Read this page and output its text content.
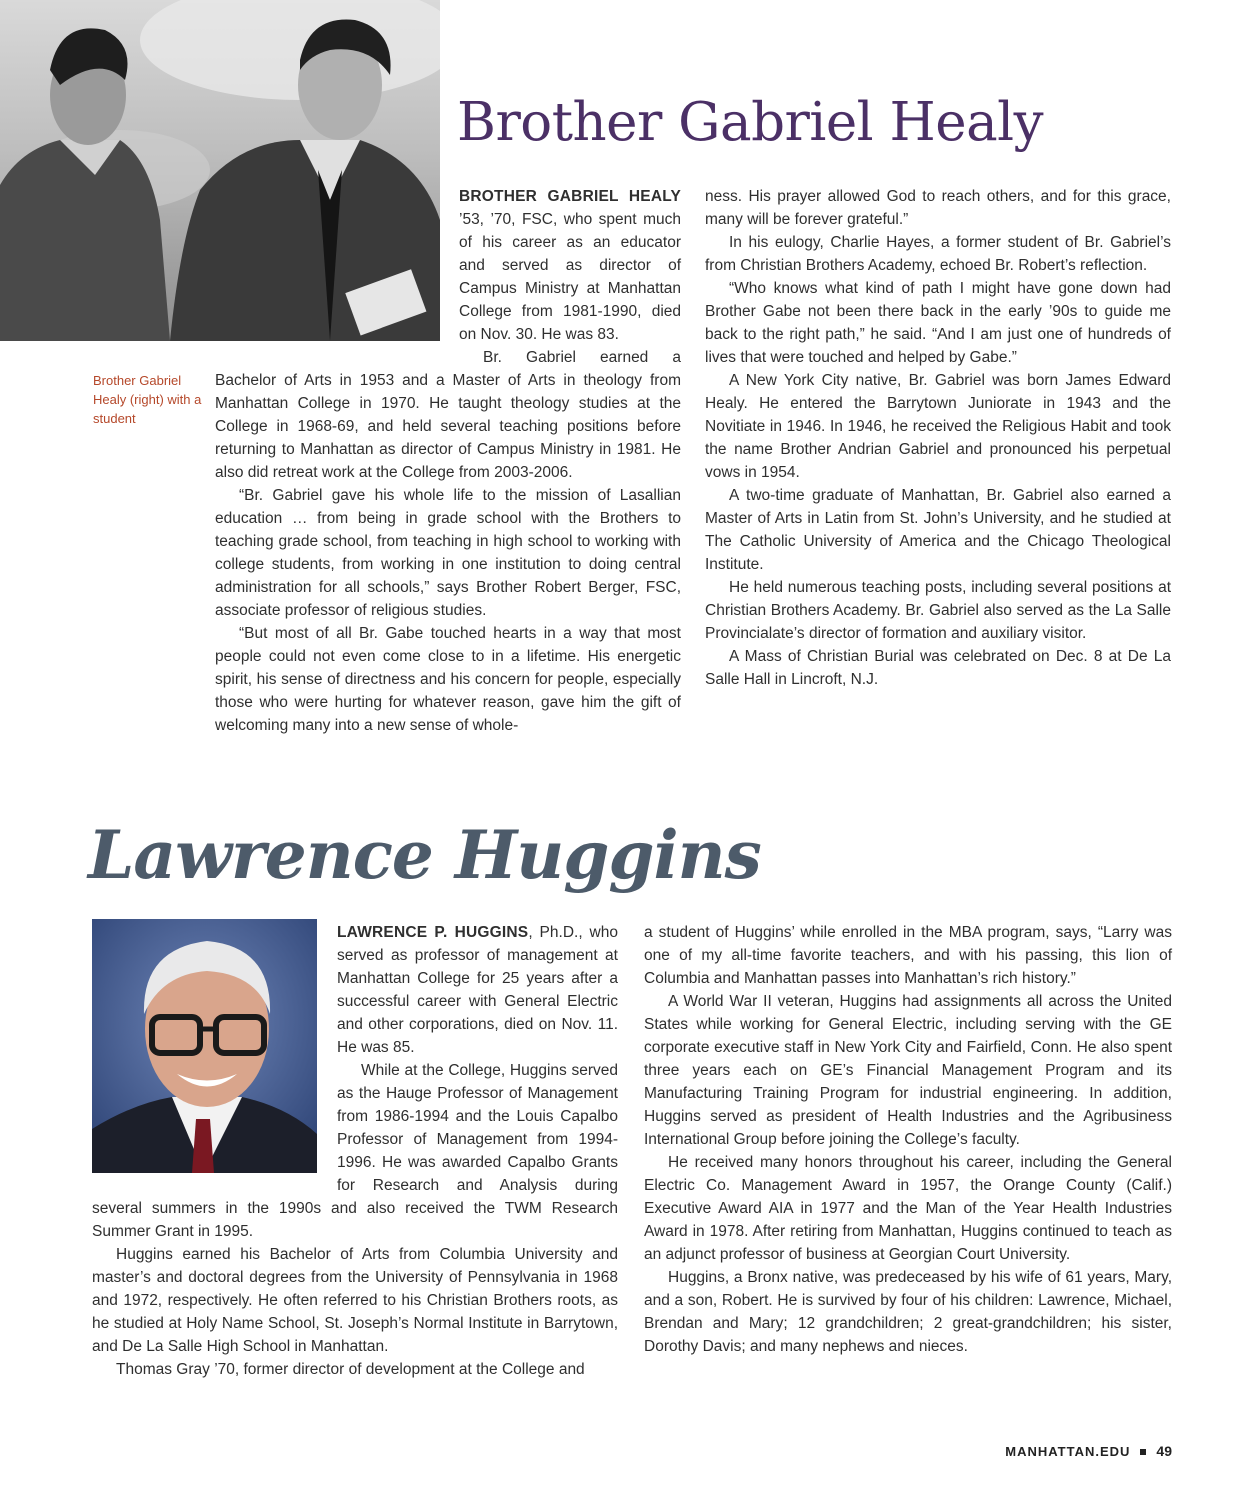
Brother Gabriel Healy

Brother Gabriel Healy (right) with a student

BROTHER GABRIEL HEALY ’53, ’70, FSC, who spent much of his career as an educator and served as director of Campus Ministry at Manhattan College from 1981-1990, died on Nov. 30. He was 83.

Br. Gabriel earned a Bachelor of Arts in 1953 and a Master of Arts in theology from Manhattan College in 1970. He taught theology studies at the College in 1968-69, and held several teaching positions before returning to Manhattan as director of Campus Ministry in 1981. He also did retreat work at the College from 2003-2006.

“Br. Gabriel gave his whole life to the mission of Lasallian education … from being in grade school with the Brothers to teaching grade school, from teaching in high school to working with college students, from working in one institution to doing central administration for all schools,” says Brother Robert Berger, FSC, associate professor of religious studies.

“But most of all Br. Gabe touched hearts in a way that most people could not even come close to in a lifetime. His energetic spirit, his sense of directness and his concern for people, especially those who were hurting for whatever reason, gave him the gift of welcoming many into a new sense of whole-

ness. His prayer allowed God to reach others, and for this grace, many will be forever grateful.”

In his eulogy, Charlie Hayes, a former student of Br. Gabriel’s from Christian Brothers Academy, echoed Br. Robert’s reflection.

“Who knows what kind of path I might have gone down had Brother Gabe not been there back in the early ’90s to guide me back to the right path,” he said. “And I am just one of hundreds of lives that were touched and helped by Gabe.”

A New York City native, Br. Gabriel was born James Edward Healy. He entered the Barrytown Juniorate in 1943 and the Novitiate in 1946. In 1946, he received the Religious Habit and took the name Brother Andrian Gabriel and pronounced his perpetual vows in 1954.

A two-time graduate of Manhattan, Br. Gabriel also earned a Master of Arts in Latin from St. John’s University, and he studied at The Catholic University of America and the Chicago Theological Institute.

He held numerous teaching posts, including several positions at Christian Brothers Academy. Br. Gabriel also served as the La Salle Provincialate’s director of formation and auxiliary visitor.

A Mass of Christian Burial was celebrated on Dec. 8 at De La Salle Hall in Lincroft, N.J.

Lawrence Huggins

LAWRENCE P. HUGGINS, Ph.D., who served as professor of management at Manhattan College for 25 years after a successful career with General Electric and other corporations, died on Nov. 11. He was 85.

While at the College, Huggins served as the Hauge Professor of Management from 1986-1994 and the Louis Capalbo Professor of Management from 1994-1996. He was awarded Capalbo Grants for Research and Analysis during several summers in the 1990s and also received the TWM Research Summer Grant in 1995.

Huggins earned his Bachelor of Arts from Columbia University and master’s and doctoral degrees from the University of Pennsylvania in 1968 and 1972, respectively. He often referred to his Christian Brothers roots, as he studied at Holy Name School, St. Joseph’s Normal Institute in Barrytown, and De La Salle High School in Manhattan.

Thomas Gray ’70, former director of development at the College and

a student of Huggins’ while enrolled in the MBA program, says, “Larry was one of my all-time favorite teachers, and with his passing, this lion of Columbia and Manhattan passes into Manhattan’s rich history.”

A World War II veteran, Huggins had assignments all across the United States while working for General Electric, including serving with the GE corporate executive staff in New York City and Fairfield, Conn. He also spent three years each on GE’s Financial Management Program and its Manufacturing Training Program for industrial engineering. In addition, Huggins served as president of Health Industries and the Agribusiness International Group before joining the College’s faculty.

He received many honors throughout his career, including the General Electric Co. Management Award in 1957, the Orange County (Calif.) Executive Award AIA in 1977 and the Man of the Year Health Industries Award in 1978. After retiring from Manhattan, Huggins continued to teach as an adjunct professor of business at Georgian Court University.

Huggins, a Bronx native, was predeceased by his wife of 61 years, Mary, and a son, Robert. He is survived by four of his children: Lawrence, Michael, Brendan and Mary; 12 grandchildren; 2 great-grandchildren; his sister, Dorothy Davis; and many nephews and nieces.

MANHATTAN.EDU 49
